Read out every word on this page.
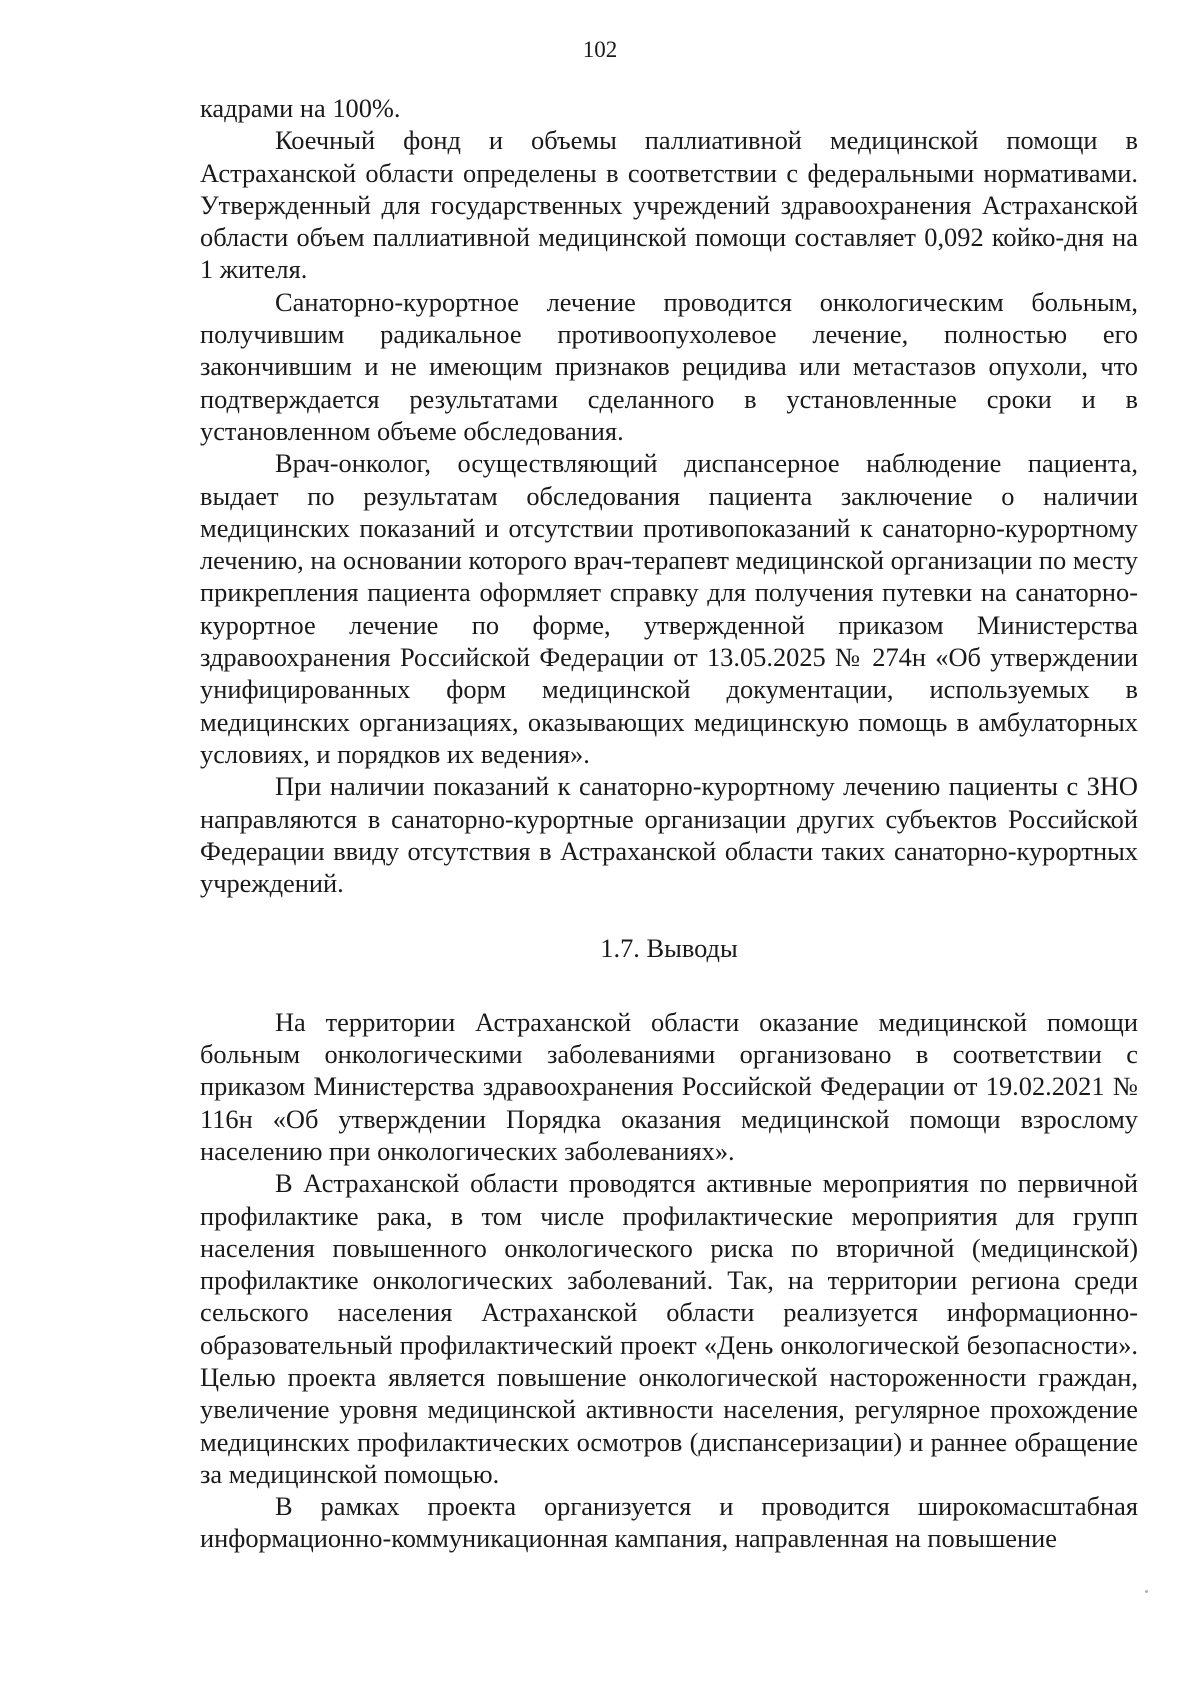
102

кадрами на 100%.

Коечный фонд и объемы паллиативной медицинской помощи в Астраханской области определены в соответствии с федеральными нормативами. Утвержденный для государственных учреждений здравоохранения Астраханской области объем паллиативной медицинской помощи составляет 0,092 койко-дня на 1 жителя.

Санаторно-курортное лечение проводится онкологическим больным, получившим радикальное противоопухолевое лечение, полностью его закончившим и не имеющим признаков рецидива или метастазов опухоли, что подтверждается результатами сделанного в установленные сроки и в установленном объеме обследования.

Врач-онколог, осуществляющий диспансерное наблюдение пациента, выдает по результатам обследования пациента заключение о наличии медицинских показаний и отсутствии противопоказаний к санаторно-курортному лечению, на основании которого врач-терапевт медицинской организации по месту прикрепления пациента оформляет справку для получения путевки на санаторно-курортное лечение по форме, утвержденной приказом Министерства здравоохранения Российской Федерации от 13.05.2025 № 274н «Об утверждении унифицированных форм медицинской документации, используемых в медицинских организациях, оказывающих медицинскую помощь в амбулаторных условиях, и порядков их ведения».

При наличии показаний к санаторно-курортному лечению пациенты с ЗНО направляются в санаторно-курортные организации других субъектов Российской Федерации ввиду отсутствия в Астраханской области таких санаторно-курортных учреждений.

1.7. Выводы

На территории Астраханской области оказание медицинской помощи больным онкологическими заболеваниями организовано в соответствии с приказом Министерства здравоохранения Российской Федерации от 19.02.2021 № 116н «Об утверждении Порядка оказания медицинской помощи взрослому населению при онкологических заболеваниях».

В Астраханской области проводятся активные мероприятия по первичной профилактике рака, в том числе профилактические мероприятия для групп населения повышенного онкологического риска по вторичной (медицинской) профилактике онкологических заболеваний. Так, на территории региона среди сельского населения Астраханской области реализуется информационно-образовательный профилактический проект «День онкологической безопасности». Целью проекта является повышение онкологической настороженности граждан, увеличение уровня медицинской активности населения, регулярное прохождение медицинских профилактических осмотров (диспансеризации) и раннее обращение за медицинской помощью.

В рамках проекта организуется и проводится широкомасштабная информационно-коммуникационная кампания, направленная на повышение
